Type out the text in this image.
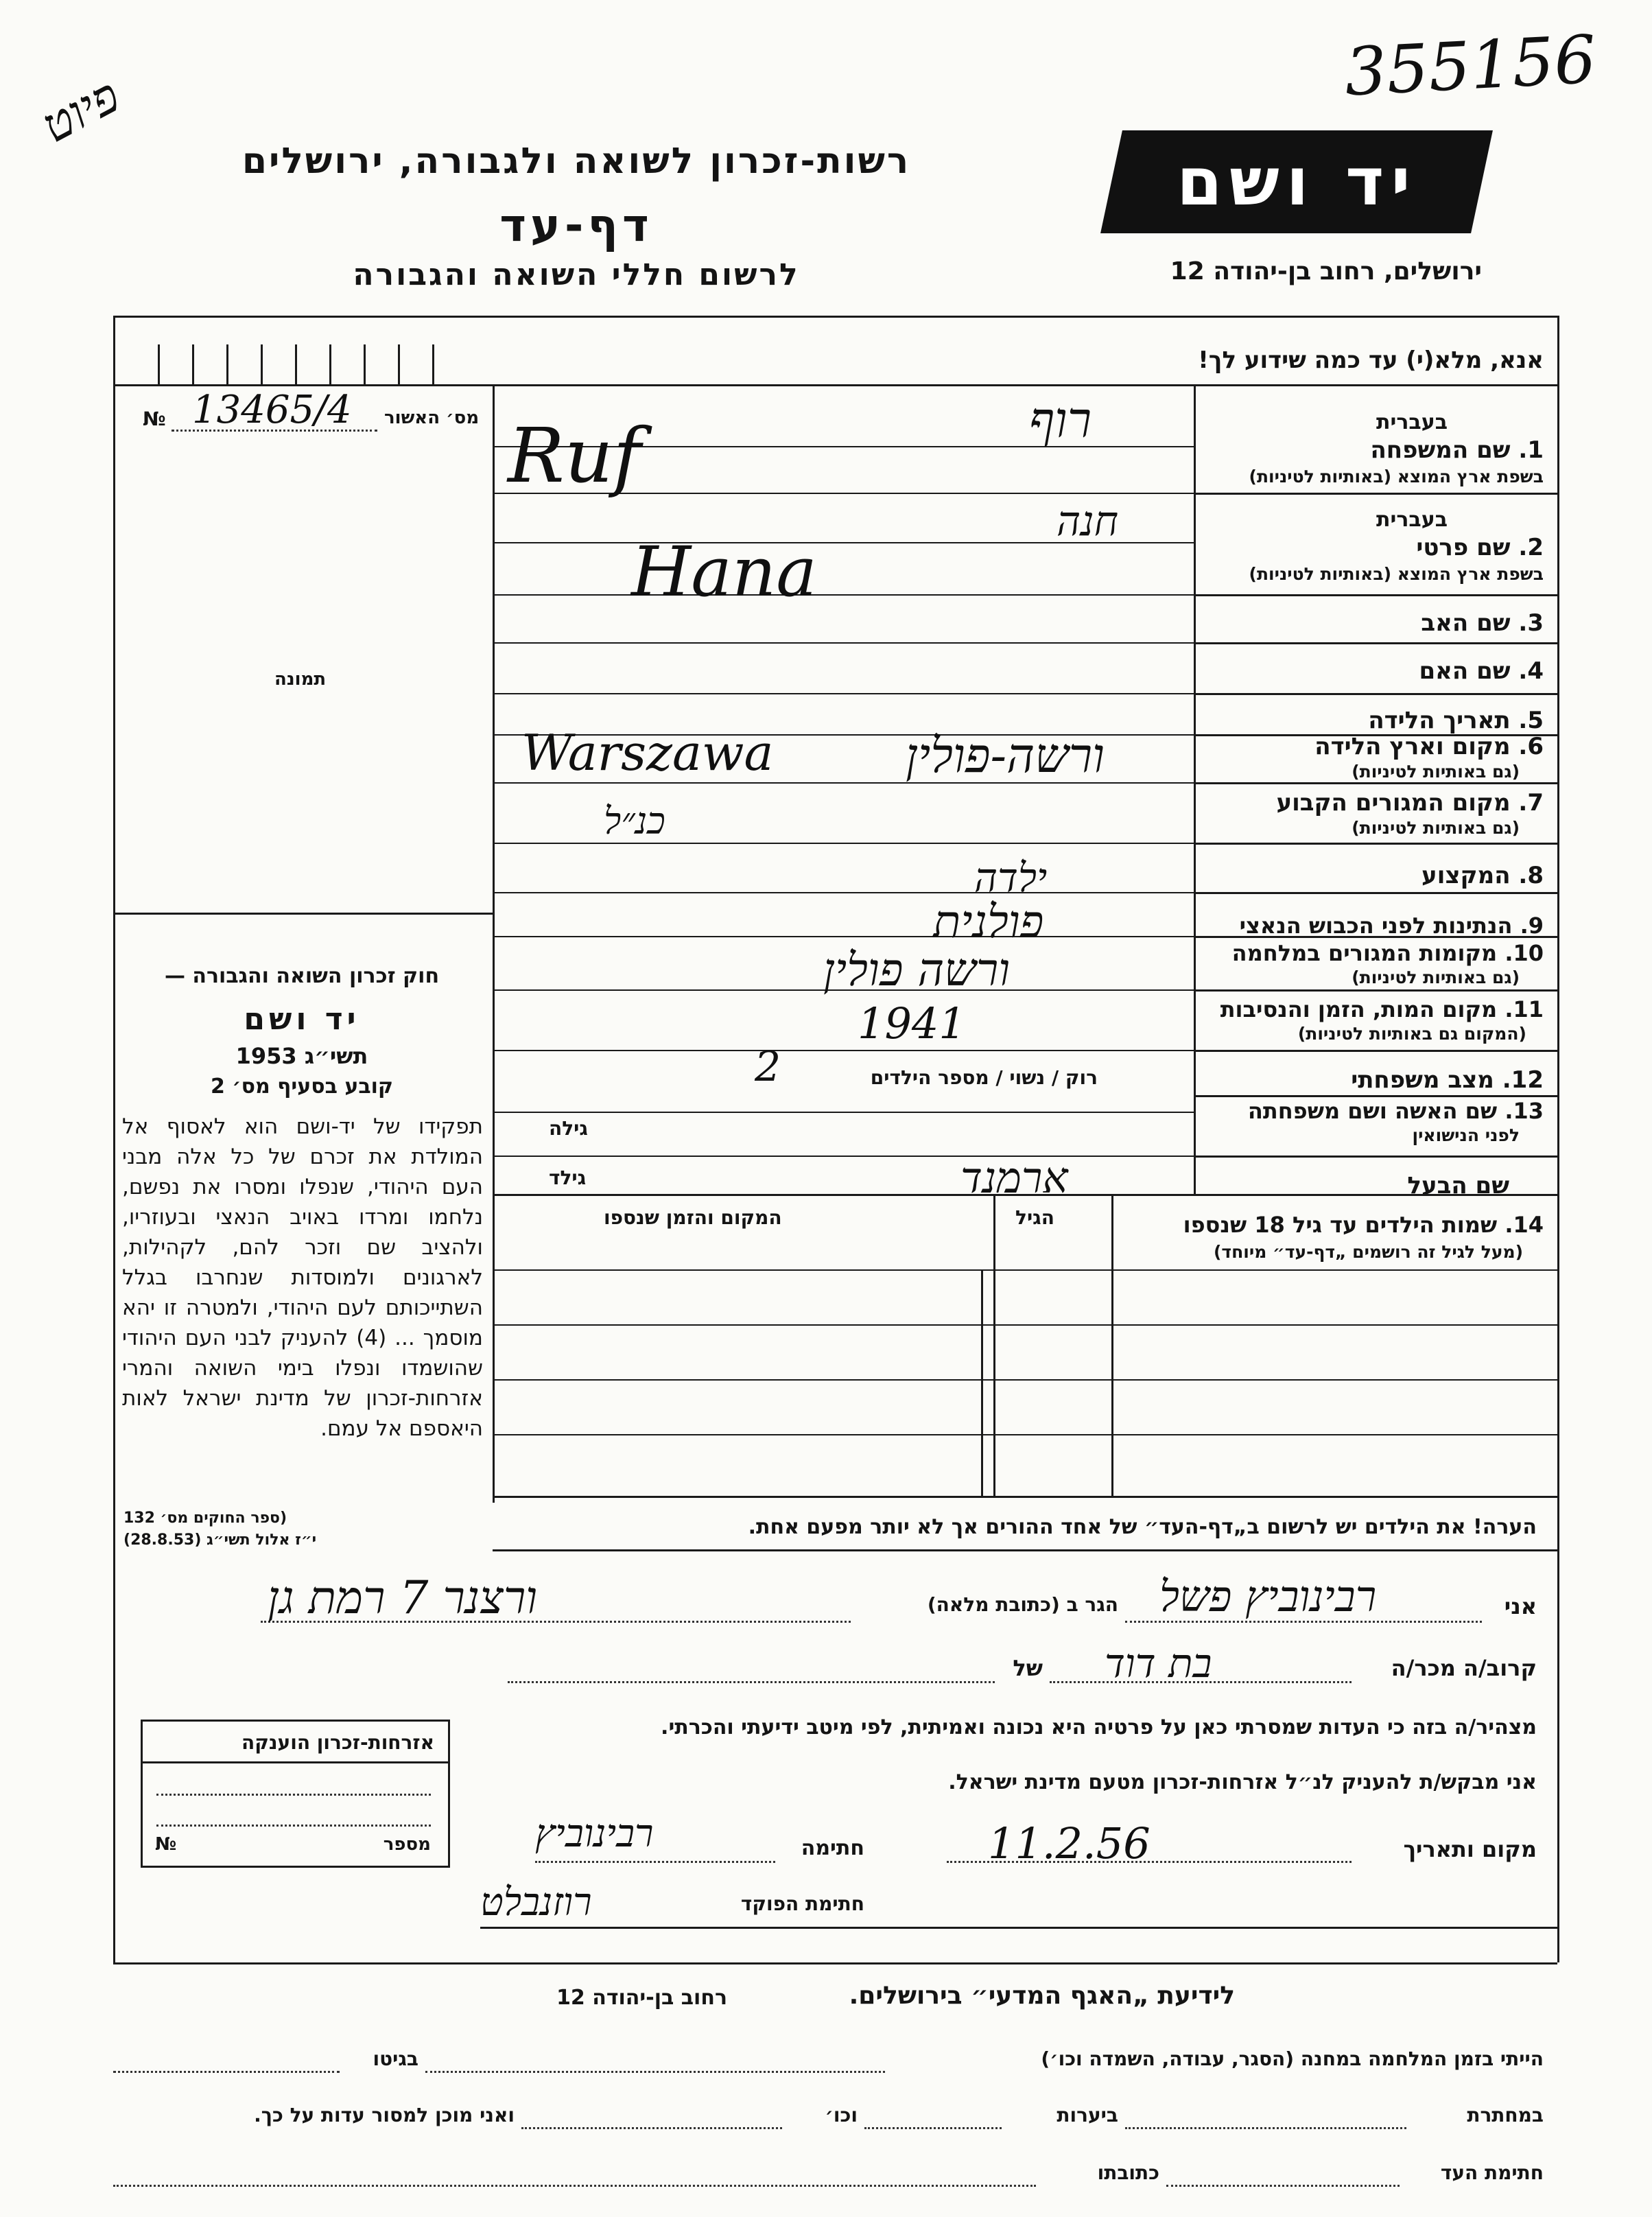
פיוט	355156
רשות-זכרון לשואה ולגבורה, ירושלים
דף-עד
לרשום חללי השואה והגבורה
יד ושם
ירושלים, רחוב בן-יהודה 12
אנא, מלא(י) עד כמה שידוע לך!
מס׳ האשור
№ 13465/4
תמונה
בעברית
1. שם המשפחה
בשפת ארץ המוצא (באותיות לטיניות)
בעברית
2. שם פרטי
בשפת ארץ המוצא (באותיות לטיניות)
3. שם האב
4. שם האם
5. תאריך הלידה
6. מקום וארץ הלידה
(גם באותיות לטיניות)
7. מקום המגורים הקבוע
(גם באותיות לטיניות)
8. המקצוע
9. הנתינות לפני הכבוש הנאצי
10. מקומות המגורים במלחמה
(גם באותיות לטיניות)
11. מקום המות, הזמן והנסיבות
(המקום גם באותיות לטיניות)
12. מצב משפחתי
13. שם האשה ושם משפחתה
לפני הנישואין
שם הבעל
רוק / נשוי / מספר הילדים
גילה
גילד
14. שמות הילדים עד גיל 18 שנספו
(מעל לגיל זה רושמים „דף-עד״ מיוחד)
הגיל
המקום והזמן שנספו
הערה! את הילדים יש לרשום ב„דף-העד״ של אחד ההורים אך לא יותר מפעם אחת.
חוק זכרון השואה והגבורה —
יד ושם
תשי״ג 1953
קובע בסעיף מס׳ 2
תפקידו של יד-ושם הוא לאסוף אל המולדת את זכרם של כל אלה מבני העם היהודי, שנפלו ומסרו את נפשם, נלחמו ומרדו באויב הנאצי ובעוזריו, ולהציב שם וזכר להם, לקהילות, לארגונים ולמוסדות שנחרבו בגלל השתייכותם לעם היהודי, ולמטרה זו יהא מוסמך ... (4) להעניק לבני העם היהודי שהושמדו ונפלו בימי השואה והמרי אזרחות-זכרון של מדינת ישראל לאות היאספם אל עמם.
(ספר החוקים מס׳ 132
י״ז אלול תשי״ג (28.8.53)
אני
הגר ב (כתובת מלאה)
קרוב/ה מכר/ה
של
מצהיר/ה בזה כי העדות שמסרתי כאן על פרטיה היא נכונה ואמיתית, לפי מיטב ידיעתי והכרתי.
אני מבקש/ת להעניק לנ״ל אזרחות-זכרון מטעם מדינת ישראל.
מקום ותאריך
חתימה
חתימת הפוקד
אזרחות-זכרון הוענקה
מספר
№
לידיעת „האגף המדעי״ בירושלים.
רחוב בן-יהודה 12
הייתי בזמן המלחמה במחנה (הסגר, עבודה, השמדה וכו׳)
בגיטו
במחתרת
ביערות
וכו׳
ואני מוכן למסור עדות על כך.
חתימת העד
כתובתו
רוף
Ruf
חנה
Hana
Warszawa	ורשה-פולין
כנ״ל
ילדה
פולנית
ורשה פולין
1941
2
ארמנד
רבינוביץ פשל
ורצנר 7 רמת גן
בת דוד
11.2.56
רבינוביץ
רוזנבלט
